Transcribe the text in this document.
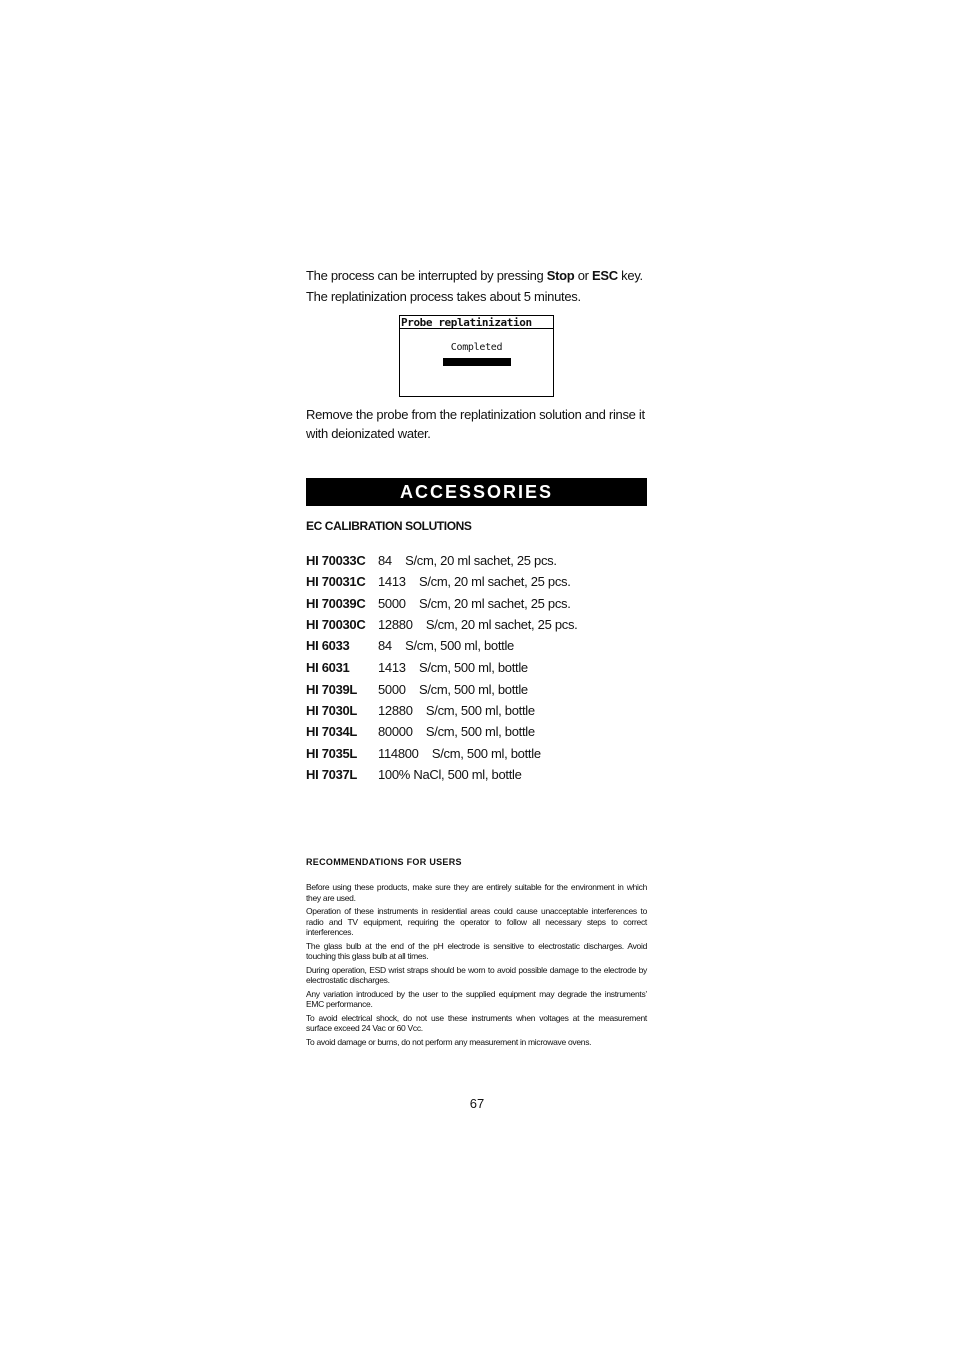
The process can be interrupted by pressing Stop or ESC key.
The replatinization process takes about 5 minutes.
Probe replatinization
Completed
Remove the probe from the replatinization solution and rinse it with deionizated water.
ACCESSORIES
EC CALIBRATION SOLUTIONS
HI 70033C 84    S/cm, 20 ml sachet, 25 pcs.
HI 70031C 1413    S/cm, 20 ml sachet, 25 pcs.
HI 70039C 5000    S/cm, 20 ml sachet, 25 pcs.
HI 70030C 12880    S/cm, 20 ml sachet, 25 pcs.
HI 6033 84    S/cm, 500 ml, bottle
HI 6031 1413    S/cm, 500 ml, bottle
HI 7039L 5000    S/cm, 500 ml, bottle
HI 7030L 12880    S/cm, 500 ml, bottle
HI 7034L 80000    S/cm, 500 ml, bottle
HI 7035L 114800    S/cm, 500 ml, bottle
HI 7037L 100% NaCl, 500 ml, bottle
RECOMMENDATIONS FOR USERS

Before using these products, make sure they are entirely suitable for the environment in which they are used.

Operation of these instruments in residential areas could cause unacceptable interferences to radio and TV equipment, requiring the operator to follow all necessary steps to correct interferences.

The glass bulb at the end of the pH electrode is sensitive to electrostatic discharges. Avoid touching this glass bulb at all times.

During operation, ESD wrist straps should be worn to avoid possible damage to the electrode by electrostatic discharges.

Any variation introduced by the user to the supplied equipment may degrade the instruments’ EMC performance.

To avoid electrical shock, do not use these instruments when voltages at the measurement surface exceed 24 Vac or 60 Vcc.

To avoid damage or burns, do not perform any measurement in microwave ovens.

67
